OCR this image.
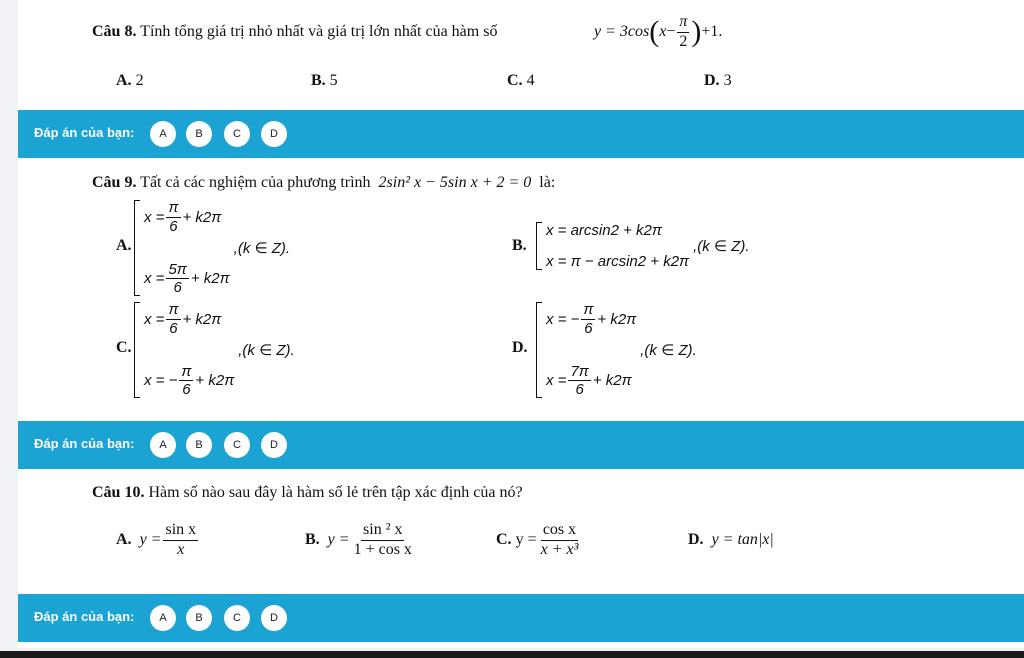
Câu 8. Tính tổng giá trị nhỏ nhất và giá trị lớn nhất của hàm số	y = 3cos ( $x - \frac{\pi}{2}$ ) +1.
A. 2	B. 5	C. 4	D. 3
Đáp án của bạn:	A	B	C	D
Câu 9. Tất cả các nghiệm của phương trình 2sin² x − 5sin x + 2 = 0 là:
A.
$x = \frac{\pi}{6} + k2\pi$
$x = \frac{5\pi}{6} + k2\pi$
,(k ∈ Z).	B.
x = arcsin2 + k2π
x = π − arcsin2 + k2π
,(k ∈ Z).
C.
$x = \frac{\pi}{6} + k2\pi$
x = − $\frac{\pi}{6} + k2\pi$
,(k ∈ Z).	D.
x = − $\frac{\pi}{6} + k2\pi$
$x = \frac{7\pi}{6} + k2\pi$
,(k ∈ Z).
Đáp án của bạn:	A	B	C	D
Câu 10. Hàm số nào sau đây là hàm số lẻ trên tập xác định của nó?
A. $y = \frac{\text{sin x}}{x}$	B. $y = \frac{\text{sin ² x}}{\text{1 + cos x}}$	C. $y = \frac{\text{cos x}}{\text{x + x³}}$	D. y = tan|x|
Đáp án của bạn:	A	B	C	D
